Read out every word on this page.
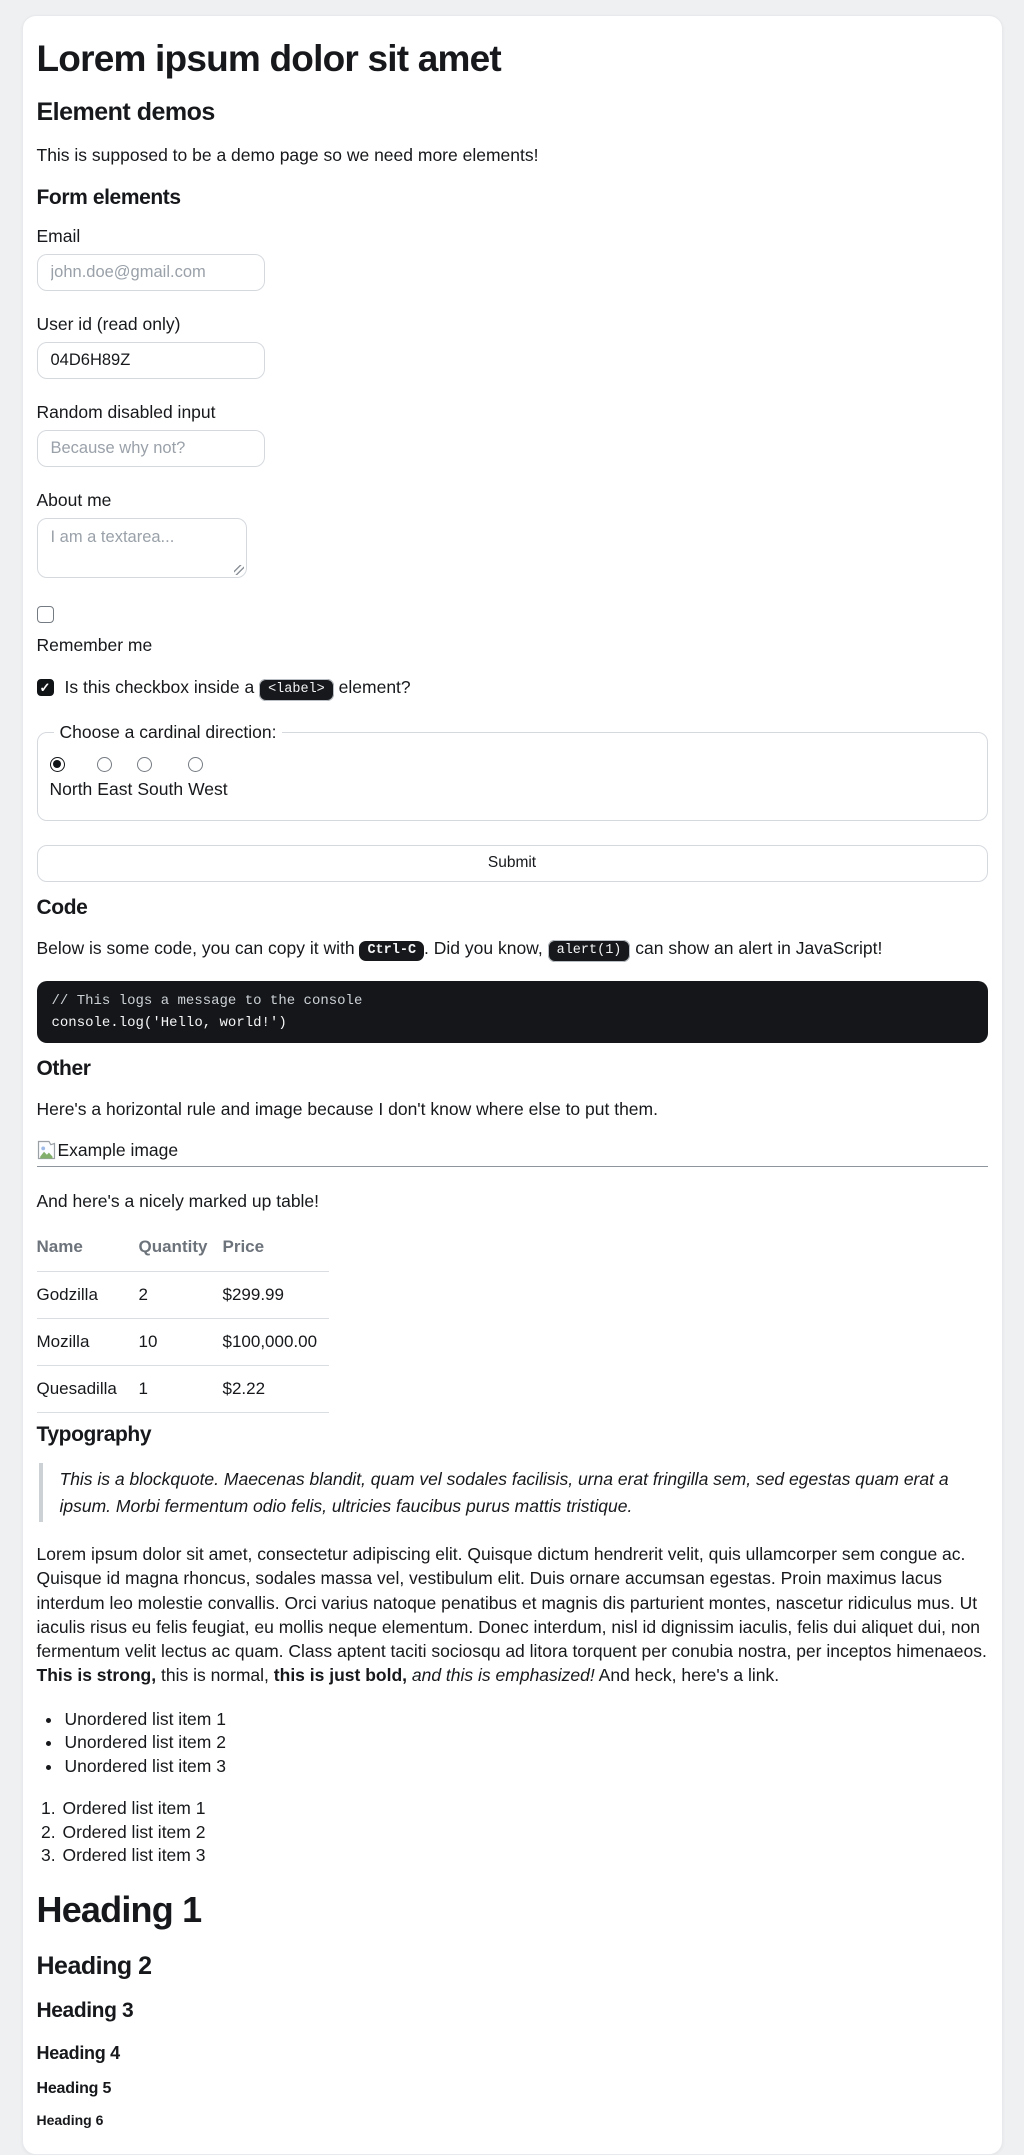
Lorem ipsum dolor sit amet
Element demos

This is supposed to be a demo page so we need more elements!

Form elements
Email
john.doe@gmail.com
User id (read only)
04D6H89Z
Random disabled input
Because why not?
About me
I am a textarea...
Remember me
✓
Is this checkbox inside a <label> element?
Choose a cardinal direction:
North East South West
Submit
Code

Below is some code, you can copy it with Ctrl-C . Did you know, alert(1) can show an alert in JavaScript!

// This logs a message to the console
console.log('Hello, world!')
Other

Here's a horizontal rule and image because I don't know where else to put them.

Example image

And here's a nicely marked up table!

Name	Quantity	Price
Godzilla	2	$299.99
Mozilla	10	$100,000.00
Quesadilla	1	$2.22
Typography
This is a blockquote. Maecenas blandit, quam vel sodales facilisis, urna erat fringilla sem, sed egestas quam erat a ipsum. Morbi fermentum odio felis, ultricies faucibus purus mattis tristique.

Lorem ipsum dolor sit amet, consectetur adipiscing elit. Quisque dictum hendrerit velit, quis ullamcorper sem congue ac. Quisque id magna rhoncus, sodales massa vel, vestibulum elit. Duis ornare accumsan egestas. Proin maximus lacus interdum leo molestie convallis. Orci varius natoque penatibus et magnis dis parturient montes, nascetur ridiculus mus. Ut iaculis risus eu felis feugiat, eu mollis neque elementum. Donec interdum, nisl id dignissim iaculis, felis dui aliquet dui, non fermentum velit lectus ac quam. Class aptent taciti sociosqu ad litora torquent per conubia nostra, per inceptos himenaeos. This is strong, this is normal, this is just bold, and this is emphasized! And heck, here's a link.

• Unordered list item 1
• Unordered list item 2
• Unordered list item 3
1. Ordered list item 1
2. Ordered list item 2
3. Ordered list item 3
Heading 1
Heading 2
Heading 3
Heading 4
Heading 5
Heading 6
